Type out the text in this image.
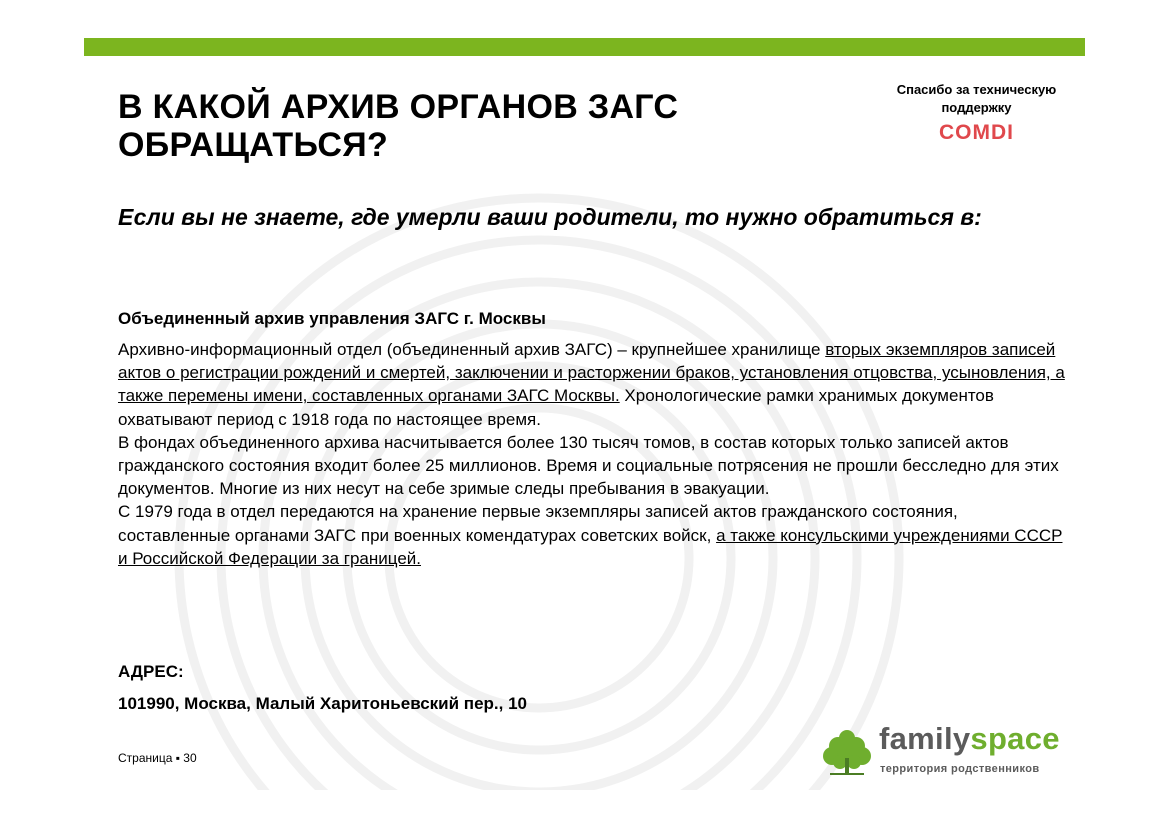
В КАКОЙ АРХИВ ОРГАНОВ ЗАГС ОБРАЩАТЬСЯ?
Спасибо за техническую поддержку
COMDI
Если вы не знаете, где умерли ваши родители, то нужно обратиться в:
Объединенный архив управления ЗАГС г. Москвы

Архивно-информационный отдел (объединенный архив ЗАГС) – крупнейшее хранилище вторых экземпляров записей актов о регистрации рождений и смертей, заключении и расторжении браков, установления отцовства, усыновления, а также перемены имени, составленных органами ЗАГС Москвы. Хронологические рамки хранимых документов охватывают период с 1918 года по настоящее время.

В фондах объединенного архива насчитывается более 130 тысяч томов, в состав которых только записей актов гражданского состояния входит более 25 миллионов. Время и социальные потрясения не прошли бесследно для этих документов. Многие из них несут на себе зримые следы пребывания в эвакуации.

С 1979 года в отдел передаются на хранение первые экземпляры записей актов гражданского состояния, составленные органами ЗАГС при военных комендатурах советских войск, а также консульскими учреждениями СССР и Российской Федерации за границей.

АДРЕС:
101990, Москва, Малый Харитоньевский пер., 10
Страница ▪ 30
familyspace
территория родственников
